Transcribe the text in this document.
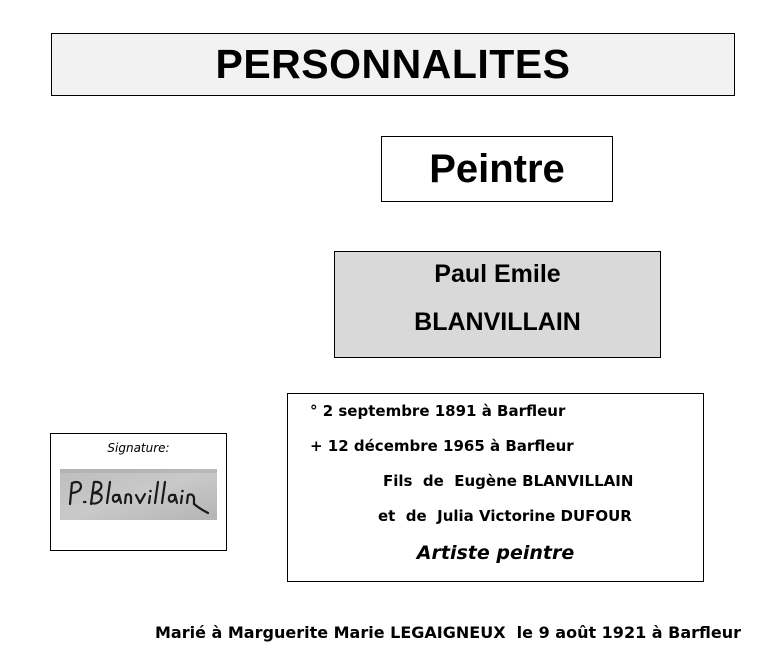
PERSONNALITES
Peintre
Paul Emile
BLANVILLAIN
° 2 septembre 1891 à Barfleur
+ 12 décembre 1965 à Barfleur
Fils  de  Eugène BLANVILLAIN
et  de  Julia Victorine DUFOUR
Artiste peintre
Signature:
Marié à Marguerite Marie LEGAIGNEUX  le 9 août 1921 à Barfleur
